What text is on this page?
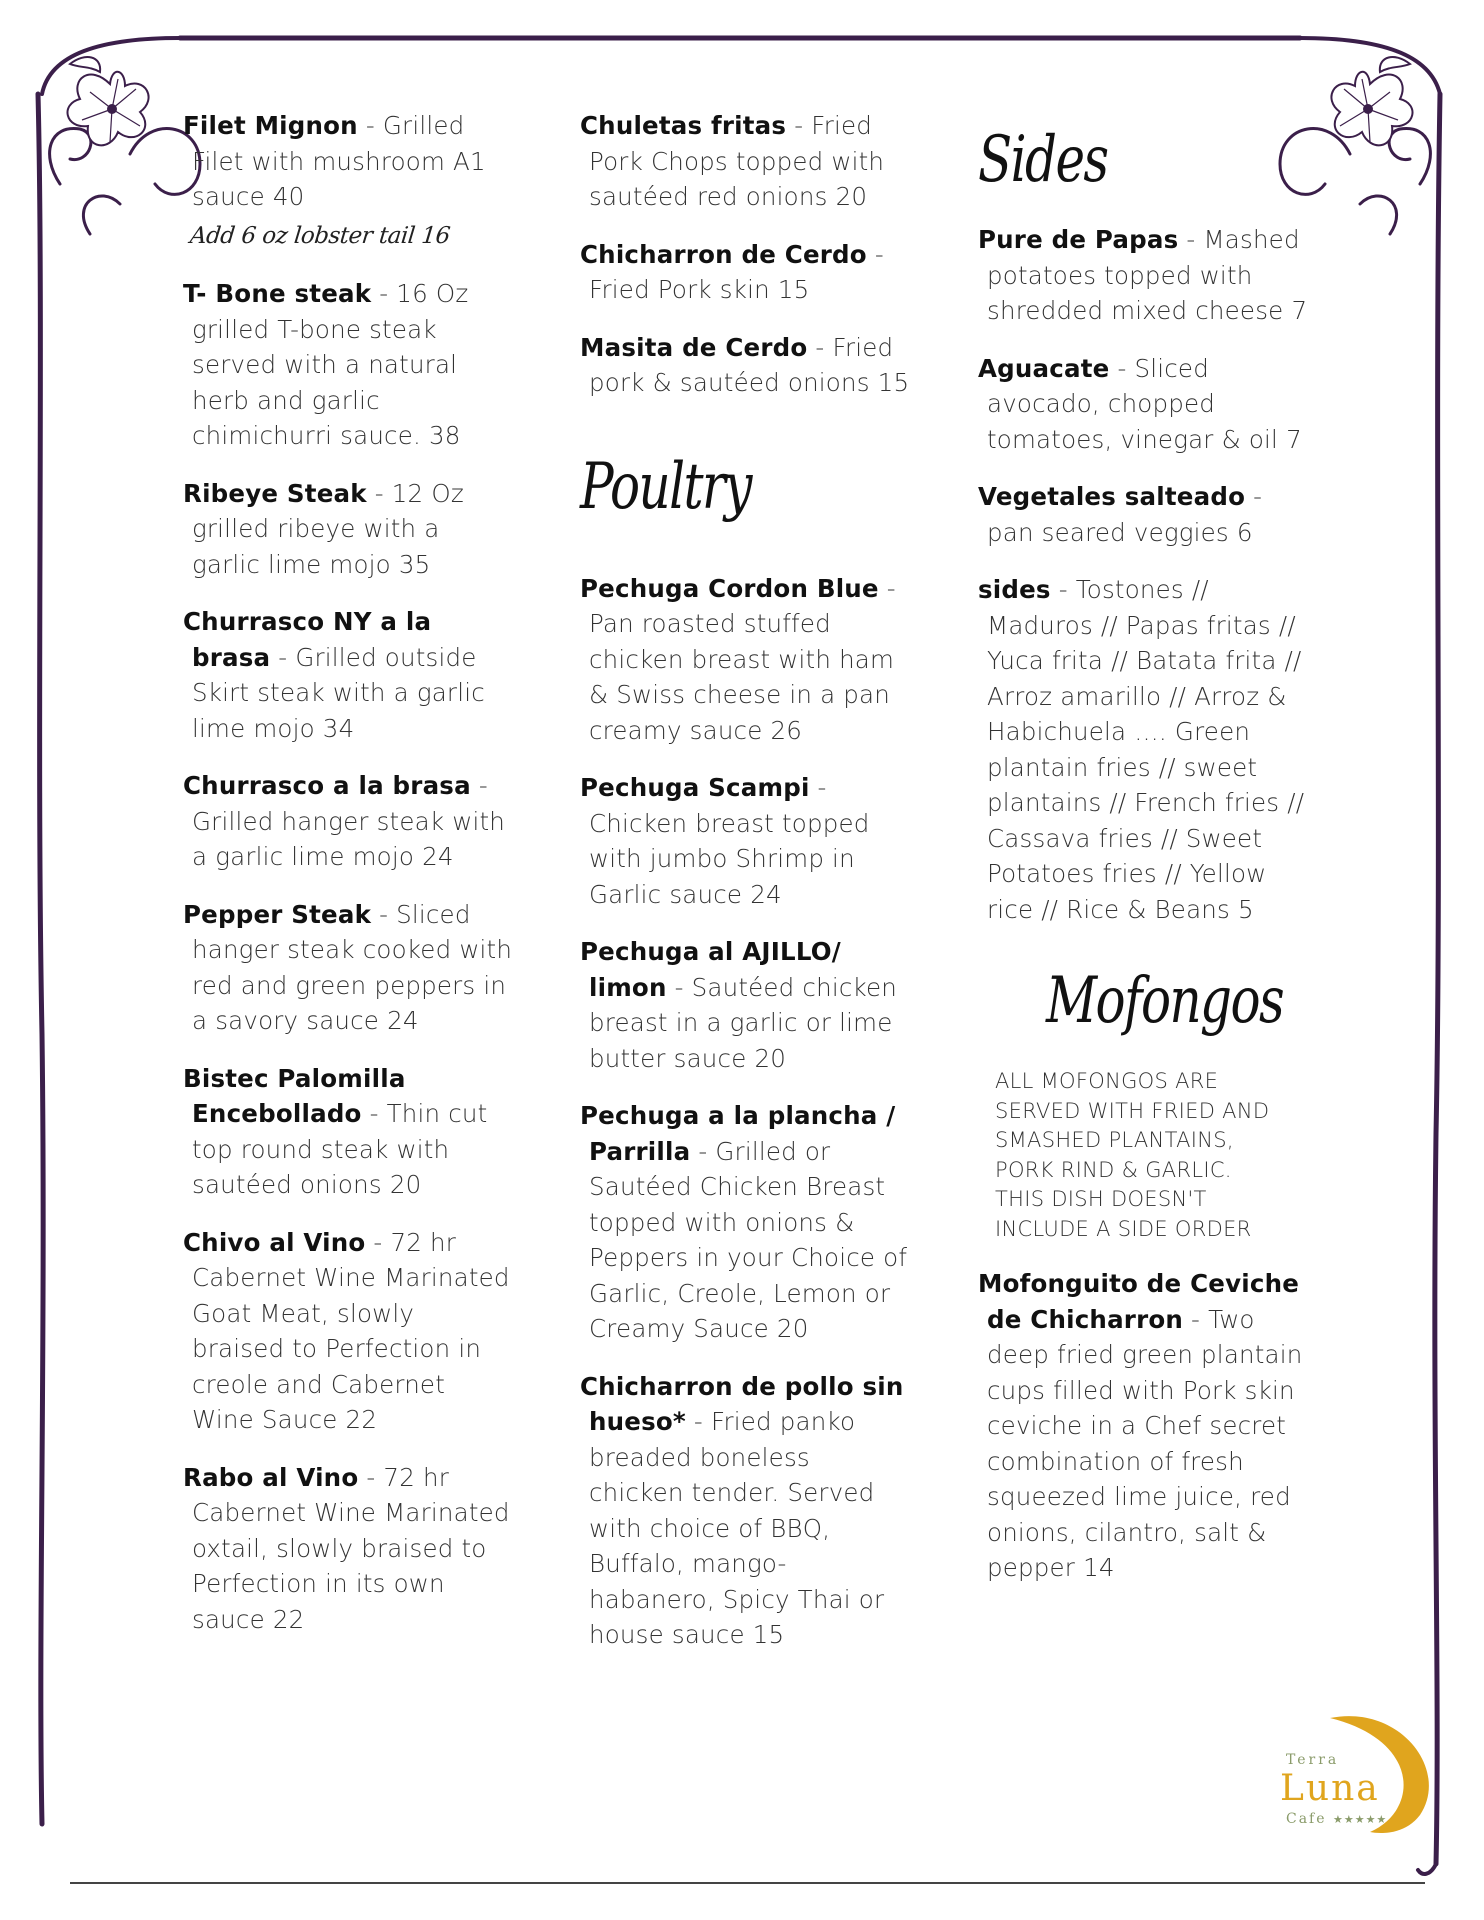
Filet Mignon - Grilled Filet with mushroom A1 sauce 40
Add 6 oz lobster tail 16
T- Bone steak - 16 Oz grilled T-bone steak served with a natural herb and garlic chimichurri sauce. 38
Ribeye Steak - 12 Oz grilled ribeye with a garlic lime mojo 35
Churrasco NY a la brasa - Grilled outside Skirt steak with a garlic lime mojo 34
Churrasco a la brasa - Grilled hanger steak with a garlic lime mojo 24
Pepper Steak - Sliced hanger steak cooked with red and green peppers in a savory sauce 24
Bistec Palomilla Encebollado - Thin cut top round steak with sautéed onions 20
Chivo al Vino - 72 hr Cabernet Wine Marinated Goat Meat, slowly braised to Perfection in creole and Cabernet Wine Sauce 22
Rabo al Vino - 72 hr Cabernet Wine Marinated oxtail, slowly braised to Perfection in its own sauce 22
Chuletas fritas - Fried Pork Chops topped with sautéed red onions 20
Chicharron de Cerdo - Fried Pork skin 15
Masita de Cerdo - Fried pork & sautéed onions 15
Poultry
Pechuga Cordon Blue - Pan roasted stuffed chicken breast with ham & Swiss cheese in a pan creamy sauce 26
Pechuga Scampi - Chicken breast topped with jumbo Shrimp in Garlic sauce 24
Pechuga al AJILLO/ limon - Sautéed chicken breast in a garlic or lime butter sauce 20
Pechuga a la plancha / Parrilla - Grilled or Sautéed Chicken Breast topped with onions & Peppers in your Choice of Garlic, Creole, Lemon or Creamy Sauce 20
Chicharron de pollo sin hueso* - Fried panko breaded boneless chicken tender. Served with choice of BBQ, Buffalo, mango-habanero, Spicy Thai or house sauce 15
Sides
Pure de Papas - Mashed potatoes topped with shredded mixed cheese 7
Aguacate - Sliced avocado, chopped tomatoes, vinegar & oil 7
Vegetales salteado - pan seared veggies 6
sides - Tostones // Maduros // Papas fritas // Yuca frita // Batata frita // Arroz amarillo // Arroz & Habichuela …. Green plantain fries // sweet plantains // French fries // Cassava fries // Sweet Potatoes fries // Yellow rice // Rice & Beans 5
Mofongos
ALL MOFONGOS ARE SERVED WITH FRIED AND SMASHED PLANTAINS, PORK RIND & GARLIC. THIS DISH DOESN'T INCLUDE A SIDE ORDER
Mofonguito de Ceviche de Chicharron - Two deep fried green plantain cups filled with Pork skin ceviche in a Chef secret combination of fresh squeezed lime juice, red onions, cilantro, salt & pepper 14
Terra
Luna
Cafe ★★★★★
